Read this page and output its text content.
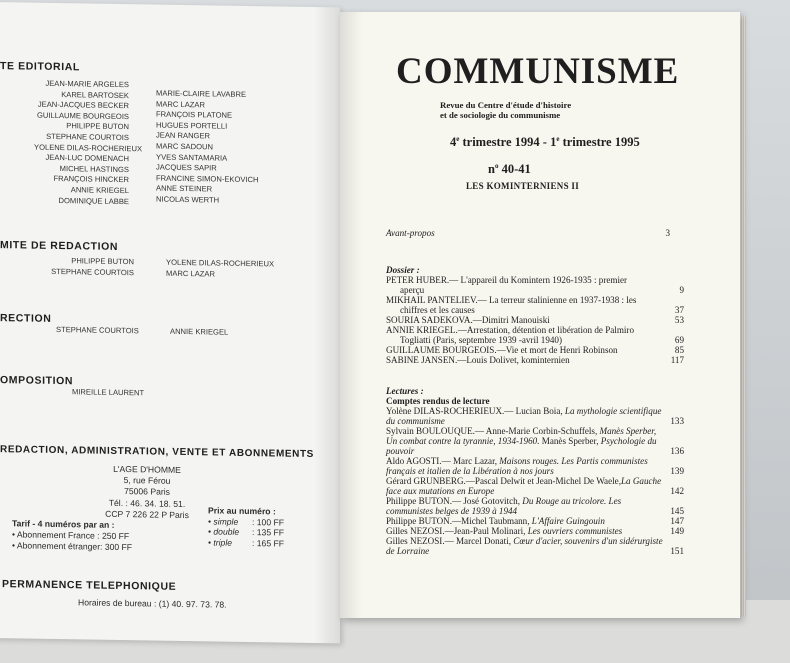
TE EDITORIAL
JEAN-MARIE ARGELES
KAREL BARTOSEK
JEAN-JACQUES BECKER
GUILLAUME BOURGEOIS
PHILIPPE BUTON
STEPHANE COURTOIS
YOLENE DILAS-ROCHERIEUX
JEAN-LUC DOMENACH
MICHEL HASTINGS
FRANÇOIS HINCKER
ANNIE KRIEGEL
DOMINIQUE LABBE
MARIE-CLAIRE LAVABRE
MARC LAZAR
FRANÇOIS PLATONE
HUGUES PORTELLI
JEAN RANGER
MARC SADOUN
YVES SANTAMARIA
JACQUES SAPIR
FRANCINE SIMON-EKOVICH
ANNE STEINER
NICOLAS WERTH
MITE DE REDACTION
PHILIPPE BUTON
STEPHANE COURTOIS
YOLENE DILAS-ROCHERIEUX
MARC LAZAR
RECTION
STEPHANE COURTOIS	ANNIE KRIEGEL
OMPOSITION
MIREILLE LAURENT
REDACTION, ADMINISTRATION, VENTE ET ABONNEMENTS
L'AGE D'HOMME
5, rue Férou
75006 Paris
Tél. : 46. 34. 18. 51.
CCP 7 226 22 P Paris
Tarif - 4 numéros par an :
• Abonnement France : 250 FF
• Abonnement étranger: 300 FF
Prix au numéro :
• simple	: 100 FF
• double	: 135 FF
• triple	: 165 FF
PERMANENCE TELEPHONIQUE
Horaires de bureau : (1) 40. 97. 73. 78.
COMMUNISME
Revue du Centre d'étude d'histoire
et de sociologie du communisme
4e trimestre 1994 - 1e trimestre 1995
$n^o$ 40-41
LES KOMINTERNIENS II
Avant-propos	3
Dossier :
PETER HUBER.— L'appareil du Komintern 1926-1935 : premier
aperçu	9
MIKHAIL PANTELIEV.— La terreur stalinienne en 1937-1938 : les
chiffres et les causes	37
SOURIA SADEKOVA.—Dimitri Manouiski	53
ANNIE KRIEGEL.—Arrestation, détention et libération de Palmiro
Togliatti (Paris, septembre 1939 -avril 1940)	69
GUILLAUME BOURGEOIS.—Vie et mort de Henri Robinson	85
SABINE JANSEN.—Louis Dolivet, kominternien	117
Lectures :
Comptes rendus de lecture
Yolène DILAS-ROCHERIEUX.— Lucian Boia, La mythologie scientifique du communisme	133
Sylvain BOULOUQUE.— Anne-Marie Corbin-Schuffels, Manès Sperber, Un combat contre la tyrannie, 1934-1960. Manès Sperber, Psychologie du pouvoir	136
Aldo AGOSTI.— Marc Lazar, Maisons rouges. Les Partis communistes français et italien de la Libération à nos jours	139
Gérard GRUNBERG.—Pascal Delwit et Jean-Michel De Waele,La Gauche face aux mutations en Europe	142
Philippe BUTON.— José Gotovitch, Du Rouge au tricolore. Les communistes belges de 1939 à 1944	145
Philippe BUTON.—Michel Taubmann, L'Affaire Guingouin	147
Gilles NEZOSI.—Jean-Paul Molinari, Les ouvriers communistes	149
Gilles NEZOSI.— Marcel Donati, Cœur d'acier, souvenirs d'un sidérurgiste de Lorraine	151
